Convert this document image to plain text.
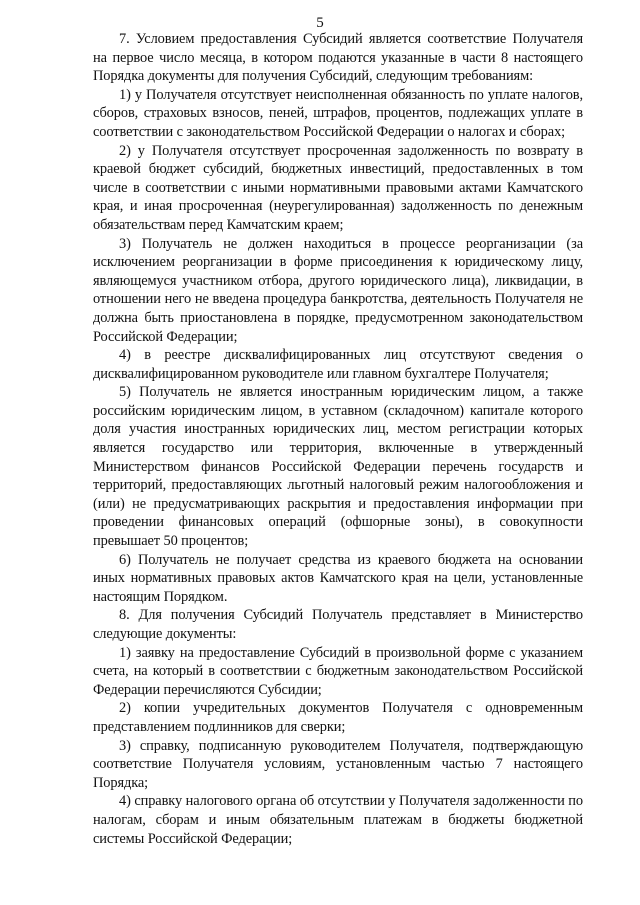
5

7. Условием предоставления Субсидий является соответствие Получателя на первое число месяца, в котором подаются указанные в части 8 настоящего Порядка документы для получения Субсидий, следующим требованиям:

1) у Получателя отсутствует неисполненная обязанность по уплате налогов, сборов, страховых взносов, пеней, штрафов, процентов, подлежащих уплате в соответствии с законодательством Российской Федерации о налогах и сборах;

2) у Получателя отсутствует просроченная задолженность по возврату в краевой бюджет субсидий, бюджетных инвестиций, предоставленных в том числе в соответствии с иными нормативными правовыми актами Камчатского края, и иная просроченная (неурегулированная) задолженность по денежным обязательствам перед Камчатским краем;

3) Получатель не должен находиться в процессе реорганизации (за исключением реорганизации в форме присоединения к юридическому лицу, являющемуся участником отбора, другого юридического лица), ликвидации, в отношении него не введена процедура банкротства, деятельность Получателя не должна быть приостановлена в порядке, предусмотренном законодательством Российской Федерации;

4) в реестре дисквалифицированных лиц отсутствуют сведения о дисквалифицированном руководителе или главном бухгалтере Получателя;

5) Получатель не является иностранным юридическим лицом, а также российским юридическим лицом, в уставном (складочном) капитале которого доля участия иностранных юридических лиц, местом регистрации которых является государство или территория, включенные в утвержденный Министерством финансов Российской Федерации перечень государств и территорий, предоставляющих льготный налоговый режим налогообложения и (или) не предусматривающих раскрытия и предоставления информации при проведении финансовых операций (офшорные зоны), в совокупности превышает 50 процентов;

6) Получатель не получает средства из краевого бюджета на основании иных нормативных правовых актов Камчатского края на цели, установленные настоящим Порядком.

8. Для получения Субсидий Получатель представляет в Министерство следующие документы:

1) заявку на предоставление Субсидий в произвольной форме с указанием счета, на который в соответствии с бюджетным законодательством Российской Федерации перечисляются Субсидии;

2) копии учредительных документов Получателя с одновременным представлением подлинников для сверки;

3) справку, подписанную руководителем Получателя, подтверждающую соответствие Получателя условиям, установленным частью 7 настоящего Порядка;

4) справку налогового органа об отсутствии у Получателя задолженности по налогам, сборам и иным обязательным платежам в бюджеты бюджетной системы Российской Федерации;
